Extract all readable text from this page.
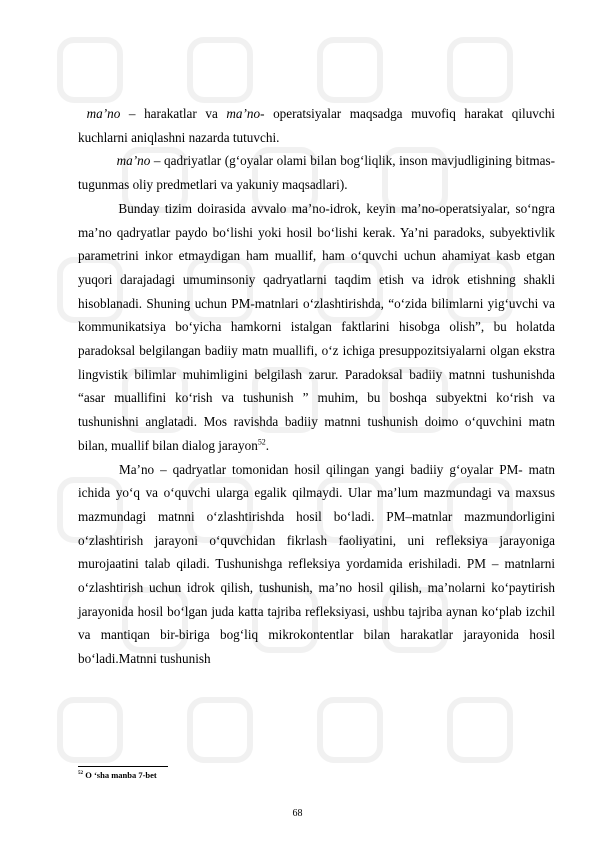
ma’no – harakatlar va ma’no- operatsiyalar maqsadga muvofiq harakat qiluvchi kuchlarni aniqlashni nazarda tutuvchi.

ma’no – qadriyatlar (g‘oyalar olami bilan bog‘liqlik, inson mavjudligining bitmas-tugunmas oliy predmetlari va yakuniy maqsadlari).

Bunday tizim doirasida avvalo ma’no-idrok, keyin ma’no-operatsiyalar, so‘ngra ma’no qadryatlar paydo bo‘lishi yoki hosil bo‘lishi kerak. Ya’ni paradoks, subyektivlik parametrini inkor etmaydigan ham muallif, ham o‘quvchi uchun ahamiyat kasb etgan yuqori darajadagi umuminsoniy qadryatlarni taqdim etish va idrok etishning shakli hisoblanadi. Shuning uchun PM-matnlari o‘zlashtirishda, “o‘zida bilimlarni yig‘uvchi va kommunikatsiya bo‘yicha hamkorni istalgan faktlarini hisobga olish”, bu holatda paradoksal belgilangan badiiy matn muallifi, o‘z ichiga presuppozitsiyalarni olgan ekstra lingvistik bilimlar muhimligini belgilash zarur. Paradoksal badiiy matnni tushunishda “asar muallifini ko‘rish va tushunish ” muhim, bu boshqa subyektni ko‘rish va tushunishni anglatadi. Mos ravishda badiiy matnni tushunish doimo o‘quvchini matn bilan, muallif bilan dialog jarayon$^{52}$.

Ma’no – qadryatlar tomonidan hosil qilingan yangi badiiy g‘oyalar PM- matn ichida yo‘q va o‘quvchi ularga egalik qilmaydi. Ular ma’lum mazmundagi va maxsus mazmundagi matnni o‘zlashtirishda hosil bo‘ladi. PM–matnlar mazmundorligini o‘zlashtirish jarayoni o‘quvchidan fikrlash faoliyatini, uni refleksiya jarayoniga murojaatini talab qiladi. Tushunishga refleksiya yordamida erishiladi. PM – matnlarni o‘zlashtirish uchun idrok qilish, tushunish, ma’no hosil qilish, ma’nolarni ko‘paytirish jarayonida hosil bo‘lgan juda katta tajriba refleksiyasi, ushbu tajriba aynan ko‘plab izchil va mantiqan bir-biriga bog‘liq mikrokontentlar bilan harakatlar jarayonida hosil bo‘ladi.Matnni tushunish

$^{52}$ O ‘sha manba 7-bet
68
